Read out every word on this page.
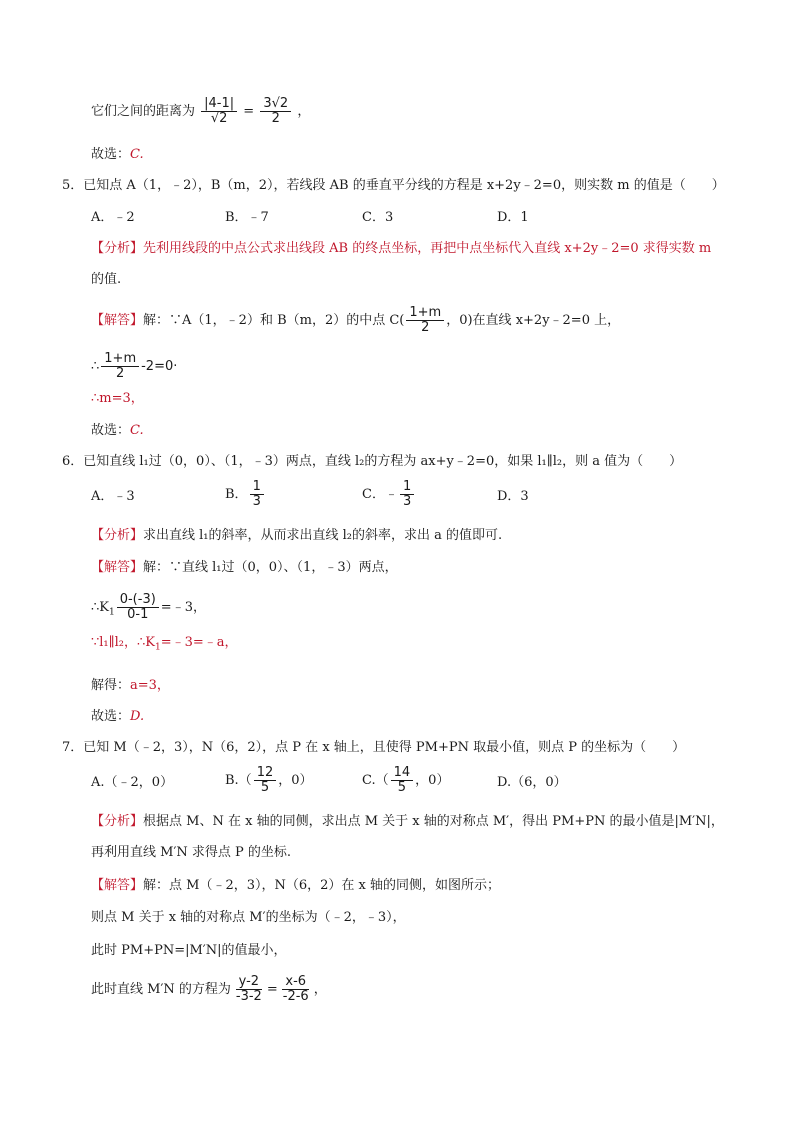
它们之间的距离为 $\frac{|4-1|}{√2} = \frac{3√2}{2}$ ，
故选：C.
5．已知点 A（1，﹣2），B（m，2），若线段 AB 的垂直平分线的方程是 x+2y﹣2=0，则实数 m 的值是（　　）
A．﹣2	B．﹣7	C．3	D．1
【分析】先利用线段的中点公式求出线段 AB 的终点坐标，再把中点坐标代入直线 x+2y﹣2=0 求得实数 m
的值.
【解答】解：∵A（1，﹣2）和 B（m，2）的中点 $C( \frac{1+m}{2}$ ，0)在直线 x+2y﹣2=0 上，
∴ $\frac{1+m}{2} -2=0\cdot$
∴m=3，
故选：C.
6．已知直线 l₁过（0，0）、（1，﹣3）两点，直线 l₂的方程为 ax+y﹣2=0，如果 l₁∥l₂，则 a 值为（　　）
A．﹣3	B． $\frac{1}{3}$	C．﹣ $\frac{1}{3}$	D．3
【分析】求出直线 l₁的斜率，从而求出直线 l₂的斜率，求出 a 的值即可.
【解答】解：∵直线 l₁过（0，0）、（1，﹣3）两点，
$\therefore K_1 \frac{0-(-3)}{0-1}$ =﹣3，
∵l₁∥l₂，$\therefore K_1=﹣3=﹣a$，
解得：a=3，
故选：D.
7．已知 M（﹣2，3），N（6，2），点 P 在 x 轴上，且使得 PM+PN 取最小值，则点 P 的坐标为（　　）
A.（﹣2，0）	$B.( \frac{12}{5}$ ，0）	$C.( \frac{14}{5}$ ，0）	D.（6，0）
【分析】根据点 M、N 在 x 轴的同侧，求出点 M 关于 x 轴的对称点 M′，得出 PM+PN 的最小值是|M′N|，
再利用直线 M′N 求得点 P 的坐标.
【解答】解：点 M（﹣2，3），N（6，2）在 x 轴的同侧，如图所示；
则点 M 关于 x 轴的对称点 M′的坐标为（﹣2，﹣3），
此时 PM+PN=|M′N|的值最小，
此时直线 M′N 的方程为 $\frac{y-2}{-3-2} = \frac{x-6}{-2-6}$ ，
